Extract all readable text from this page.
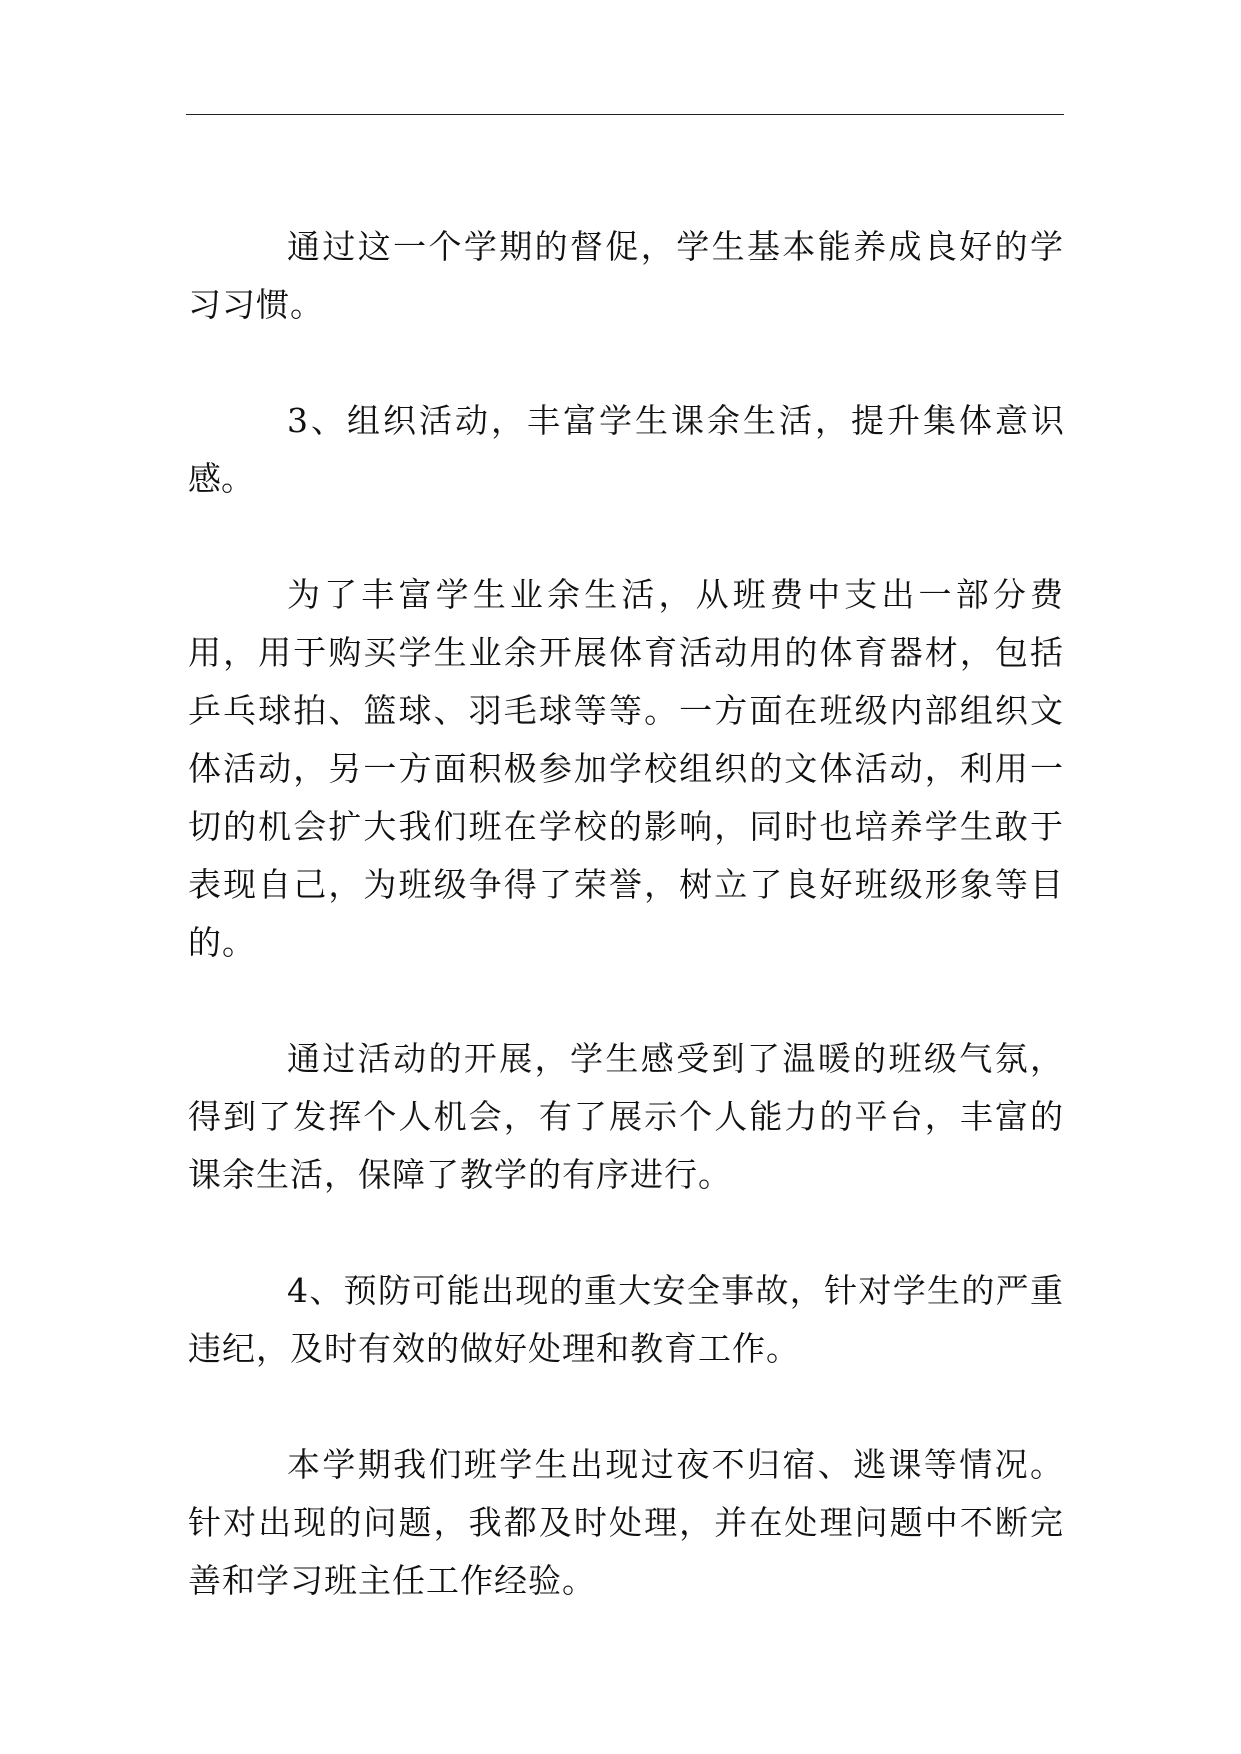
通过这一个学期的督促，学生基本能养成良好的学习习惯。

3、组织活动，丰富学生课余生活，提升集体意识感。

为了丰富学生业余生活，从班费中支出一部分费用，用于购买学生业余开展体育活动用的体育器材，包括乒乓球拍、篮球、羽毛球等等。一方面在班级内部组织文体活动，另一方面积极参加学校组织的文体活动，利用一切的机会扩大我们班在学校的影响，同时也培养学生敢于表现自己，为班级争得了荣誉，树立了良好班级形象等目的。

通过活动的开展，学生感受到了温暖的班级气氛，得到了发挥个人机会，有了展示个人能力的平台，丰富的课余生活，保障了教学的有序进行。

4、预防可能出现的重大安全事故，针对学生的严重违纪，及时有效的做好处理和教育工作。

本学期我们班学生出现过夜不归宿、逃课等情况。针对出现的问题，我都及时处理，并在处理问题中不断完善和学习班主任工作经验。
